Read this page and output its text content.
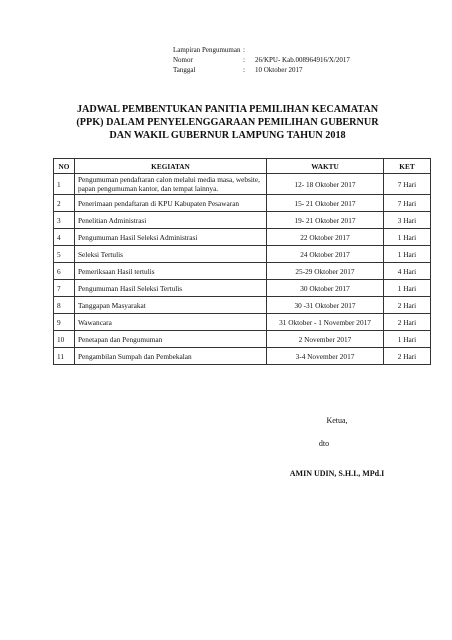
Lampiran Pengumuman :
Nomor	:	26/KPU- Kab.008964916/X/2017
Tanggal	:	10 Oktober 2017
JADWAL PEMBENTUKAN PANITIA PEMILIHAN KECAMATAN
(PPK) DALAM PENYELENGGARAAN PEMILIHAN GUBERNUR
DAN WAKIL GUBERNUR LAMPUNG TAHUN 2018
NO	KEGIATAN	WAKTU	KET
1	Pengumuman pendaftaran calon melalui media masa, website, papan pengumuman kantor, dan tempat lainnya.	12- 18 Oktober 2017	7 Hari
2	Penerimaan pendaftaran di KPU Kabupaten Pesawaran	15- 21 Oktober 2017	7 Hari
3	Penelitian Administrasi	19- 21 Oktober 2017	3 Hari
4	Pengumuman Hasil Seleksi Administrasi	22 Oktober 2017	1 Hari
5	Seleksi Tertulis	24 Oktober 2017	1 Hari
6	Pemeriksaan Hasil tertulis	25-29 Oktober 2017	4 Hari
7	Pengumuman Hasil Seleksi Tertulis	30 Oktober 2017	1 Hari
8	Tanggapan Masyarakat	30 -31 Oktober 2017	2 Hari
9	Wawancara	31 Oktober - 1 November 2017	2 Hari
10	Penetapan dan Pengumuman	2 November 2017	1 Hari
11	Pengambilan Sumpah dan Pembekalan	3-4 November 2017	2 Hari
Ketua,
dto
AMIN UDIN, S.H.I., MPd.I
